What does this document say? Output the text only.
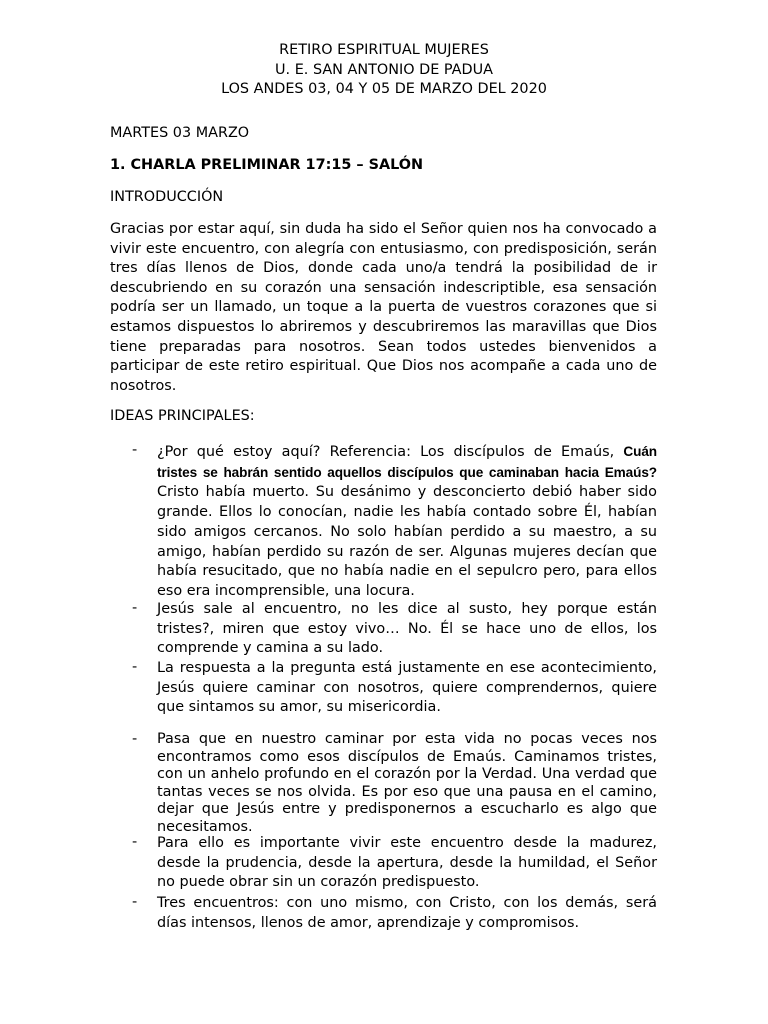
RETIRO ESPIRITUAL MUJERES
U. E. SAN ANTONIO DE PADUA
LOS ANDES 03, 04 Y 05 DE MARZO DEL 2020
MARTES 03 MARZO
1. CHARLA PRELIMINAR 17:15 – SALÓN
INTRODUCCIÓN
Gracias por estar aquí, sin duda ha sido el Señor quien nos ha convocado a vivir este encuentro, con alegría con entusiasmo, con predisposición, serán tres días llenos de Dios, donde cada uno/a tendrá la posibilidad de ir descubriendo en su corazón una sensación indescriptible, esa sensación podría ser un llamado, un toque a la puerta de vuestros corazones que si estamos dispuestos lo abriremos y descubriremos las maravillas que Dios tiene preparadas para nosotros. Sean todos ustedes bienvenidos a participar de este retiro espiritual. Que Dios nos acompañe a cada uno de nosotros.
IDEAS PRINCIPALES:
- ¿Por qué estoy aquí? Referencia: Los discípulos de Emaús, Cuán tristes se habrán sentido aquellos discípulos que caminaban hacia Emaús? Cristo había muerto. Su desánimo y desconcierto debió haber sido grande. Ellos lo conocían, nadie les había contado sobre Él, habían sido amigos cercanos. No solo habían perdido a su maestro, a su amigo, habían perdido su razón de ser. Algunas mujeres decían que había resucitado, que no había nadie en el sepulcro pero, para ellos eso era incomprensible, una locura.
- Jesús sale al encuentro, no les dice al susto, hey porque están tristes?, miren que estoy vivo… No. Él se hace uno de ellos, los comprende y camina a su lado.
- La respuesta a la pregunta está justamente en ese acontecimiento, Jesús quiere caminar con nosotros, quiere comprendernos, quiere que sintamos su amor, su misericordia.
- Pasa que en nuestro caminar por esta vida no pocas veces nos encontramos como esos discípulos de Emaús. Caminamos tristes, con un anhelo profundo en el corazón por la Verdad. Una verdad que tantas veces se nos olvida. Es por eso que una pausa en el camino, dejar que Jesús entre y predisponernos a escucharlo es algo que necesitamos.
- Para ello es importante vivir este encuentro desde la madurez, desde la prudencia, desde la apertura, desde la humildad, el Señor no puede obrar sin un corazón predispuesto.
- Tres encuentros: con uno mismo, con Cristo, con los demás, será días intensos, llenos de amor, aprendizaje y compromisos.
